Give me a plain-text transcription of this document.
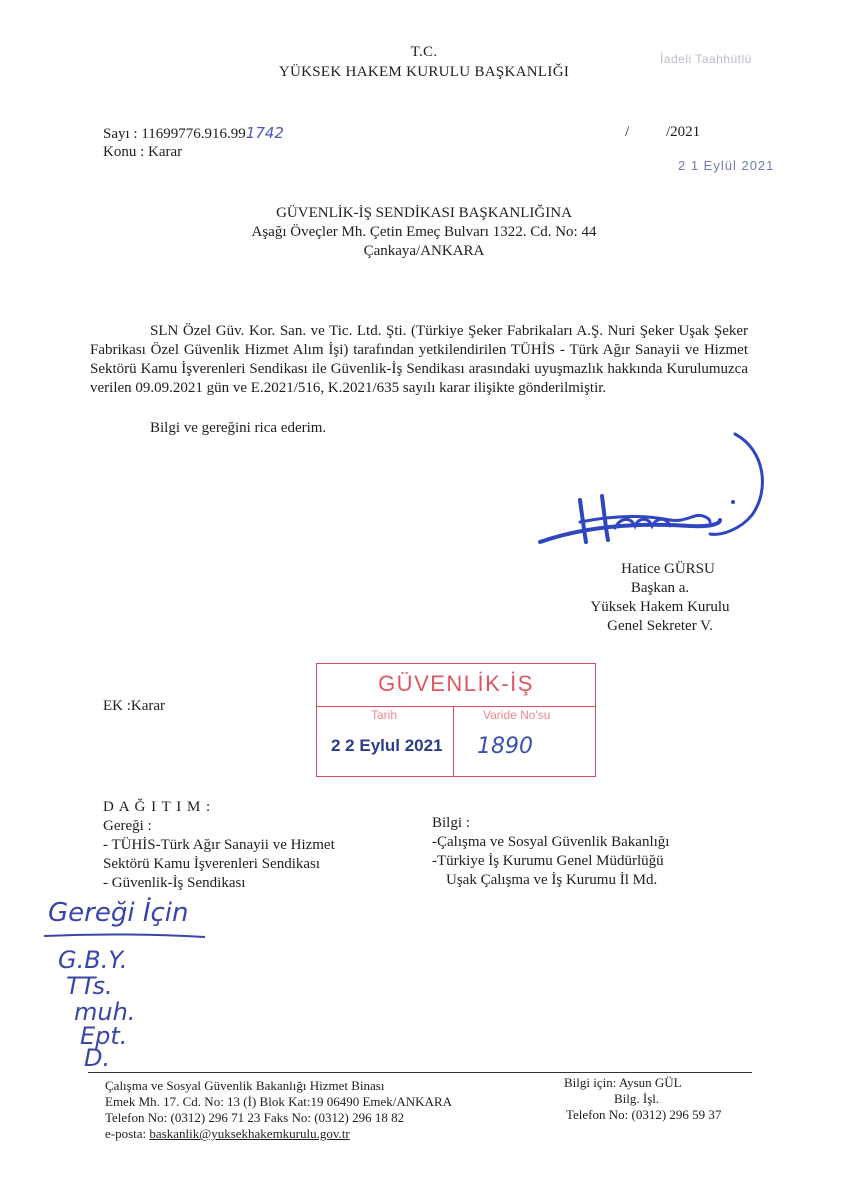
T.C.
YÜKSEK HAKEM KURULU BAŞKANLIĞI
İadeli Taahhütlü
Sayı : 11699776.916.991742	/ /2021
Konu : Karar
2 1 Eylül 2021
GÜVENLİK-İŞ SENDİKASI BAŞKANLIĞINA
Aşağı Öveçler Mh. Çetin Emeç Bulvarı 1322. Cd. No: 44
Çankaya/ANKARA
SLN Özel Güv. Kor. San. ve Tic. Ltd. Şti. (Türkiye Şeker Fabrikaları A.Ş. Nuri Şeker Uşak Şeker Fabrikası Özel Güvenlik Hizmet Alım İşi) tarafından yetkilendirilen TÜHİS - Türk Ağır Sanayii ve Hizmet Sektörü Kamu İşverenleri Sendikası ile Güvenlik-İş Sendikası arasındaki uyuşmazlık hakkında Kurulumuzca verilen 09.09.2021 gün ve E.2021/516, K.2021/635 sayılı karar ilişikte gönderilmiştir.
Bilgi ve gereğini rica ederim.
Hatice GÜRSU
Başkan a.
Yüksek Hakem Kurulu
Genel Sekreter V.
GÜVENLİK-İŞ
Tarih	Varide No'su
2 2 Eylul 2021 1890
EK :Karar
D A Ğ I T I M :
Gereği :
- TÜHİS-Türk Ağır Sanayii ve Hizmet
Sektörü Kamu İşverenleri Sendikası
- Güvenlik-İş Sendikası
Bilgi :
-Çalışma ve Sosyal Güvenlik Bakanlığı
-Türkiye İş Kurumu Genel Müdürlüğü
Uşak Çalışma ve İş Kurumu İl Md.
Gereği İçin
G.B.Y.
TTs.
muh.
Ept.
D.
Çalışma ve Sosyal Güvenlik Bakanlığı Hizmet Binası
Emek Mh. 17. Cd. No: 13 (İ) Blok Kat:19 06490 Emek/ANKARA
Telefon No: (0312) 296 71 23 Faks No: (0312) 296 18 82
e-posta: baskanlik@yuksekhakemkurulu.gov.tr
Bilgi için: Aysun GÜL
Bilg. İşl.
Telefon No: (0312) 296 59 37
